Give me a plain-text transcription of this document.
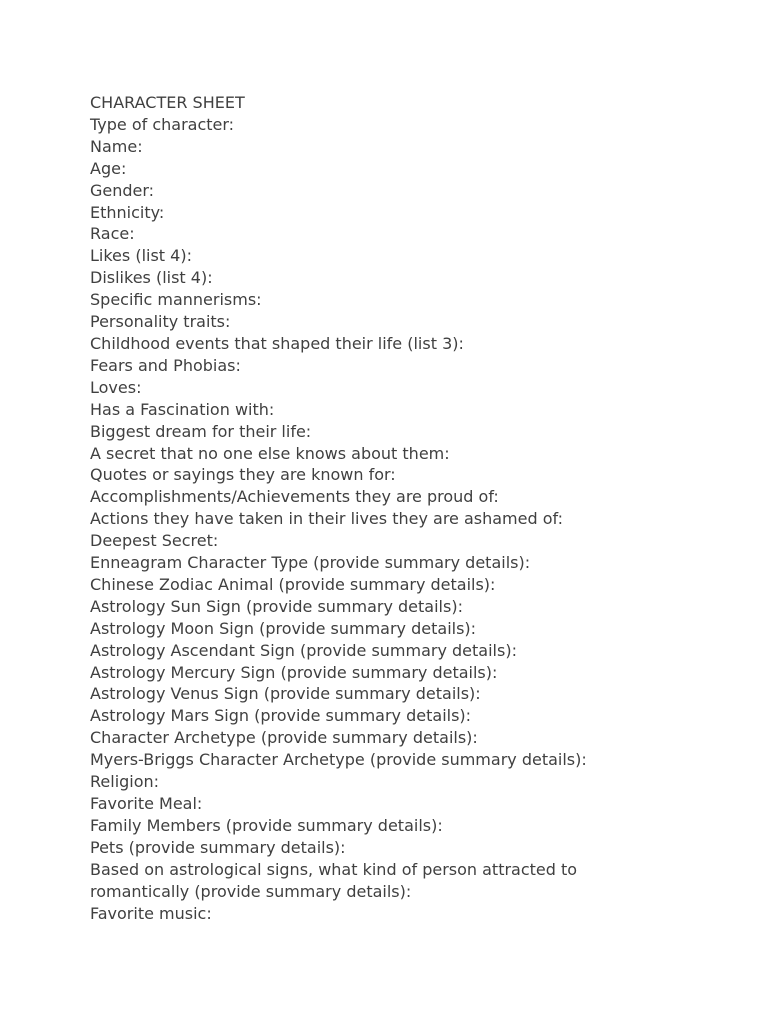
CHARACTER SHEET

Type of character:

Name:

Age:

Gender:

Ethnicity:

Race:

Likes (list 4):

Dislikes (list 4):

Specific mannerisms:

Personality traits:

Childhood events that shaped their life (list 3):

Fears and Phobias:

Loves:

Has a Fascination with:

Biggest dream for their life:

A secret that no one else knows about them:

Quotes or sayings they are known for:

Accomplishments/Achievements they are proud of:

Actions they have taken in their lives they are ashamed of:

Deepest Secret:

Enneagram Character Type (provide summary details):

Chinese Zodiac Animal (provide summary details):

Astrology Sun Sign (provide summary details):

Astrology Moon Sign (provide summary details):

Astrology Ascendant Sign (provide summary details):

Astrology Mercury Sign (provide summary details):

Astrology Venus Sign (provide summary details):

Astrology Mars Sign (provide summary details):

Character Archetype (provide summary details):

Myers-Briggs Character Archetype (provide summary details):

Religion:

Favorite Meal:

Family Members (provide summary details):

Pets (provide summary details):

Based on astrological signs, what kind of person attracted to romantically (provide summary details):

Favorite music:
